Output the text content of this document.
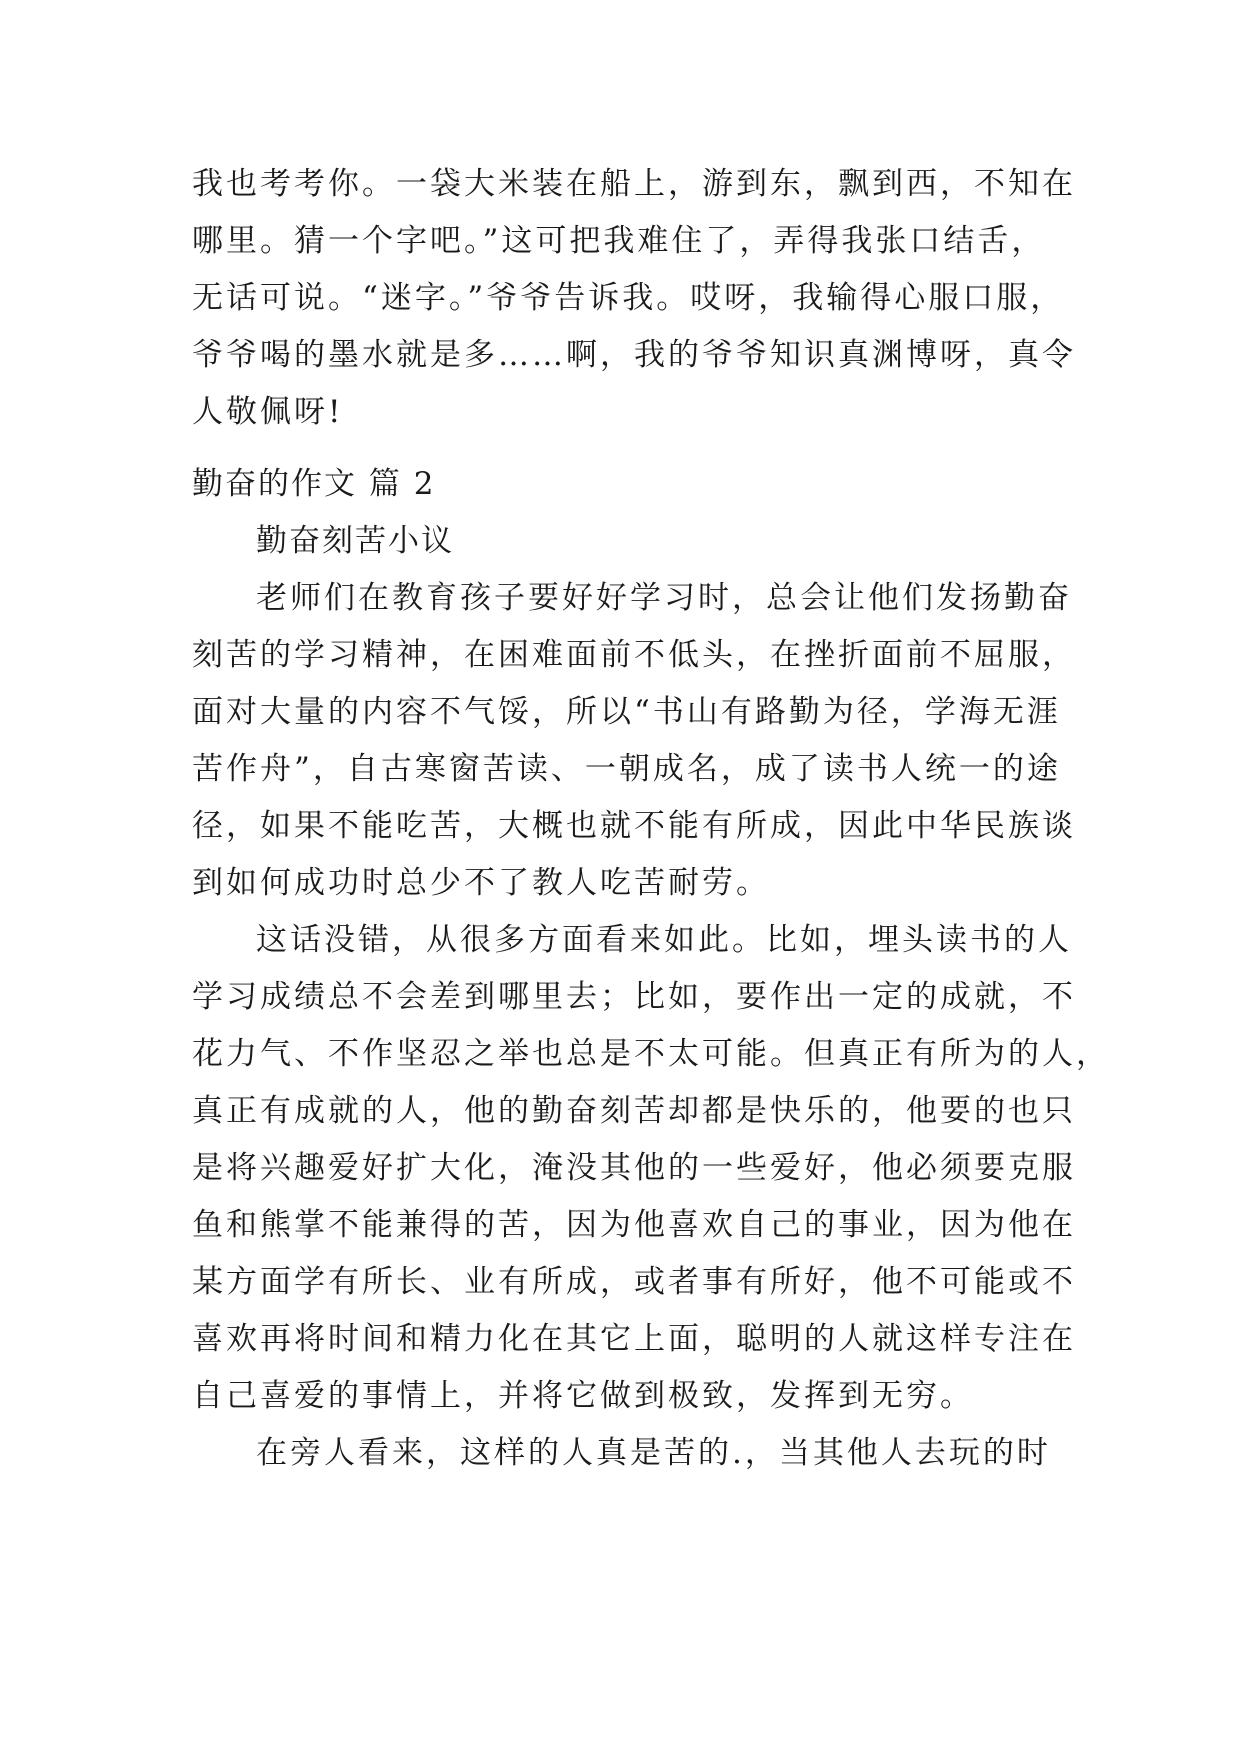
我也考考你。一袋大米装在船上，游到东，飘到西，不知在
哪里。猜一个字吧。”这可把我难住了，弄得我张口结舌，
无话可说。“迷字。”爷爷告诉我。哎呀，我输得心服口服，
爷爷喝的墨水就是多……啊，我的爷爷知识真渊博呀，真令
人敬佩呀!
勤奋的作文 篇 2
勤奋刻苦小议
老师们在教育孩子要好好学习时，总会让他们发扬勤奋
刻苦的学习精神，在困难面前不低头，在挫折面前不屈服，
面对大量的内容不气馁，所以“书山有路勤为径，学海无涯
苦作舟”，自古寒窗苦读、一朝成名，成了读书人统一的途
径，如果不能吃苦，大概也就不能有所成，因此中华民族谈
到如何成功时总少不了教人吃苦耐劳。
这话没错，从很多方面看来如此。比如，埋头读书的人
学习成绩总不会差到哪里去；比如，要作出一定的成就，不
花力气、不作坚忍之举也总是不太可能。但真正有所为的人，
真正有成就的人，他的勤奋刻苦却都是快乐的，他要的也只
是将兴趣爱好扩大化，淹没其他的一些爱好，他必须要克服
鱼和熊掌不能兼得的苦，因为他喜欢自己的事业，因为他在
某方面学有所长、业有所成，或者事有所好，他不可能或不
喜欢再将时间和精力化在其它上面，聪明的人就这样专注在
自己喜爱的事情上，并将它做到极致，发挥到无穷。
在旁人看来，这样的人真是苦的.，当其他人去玩的时
